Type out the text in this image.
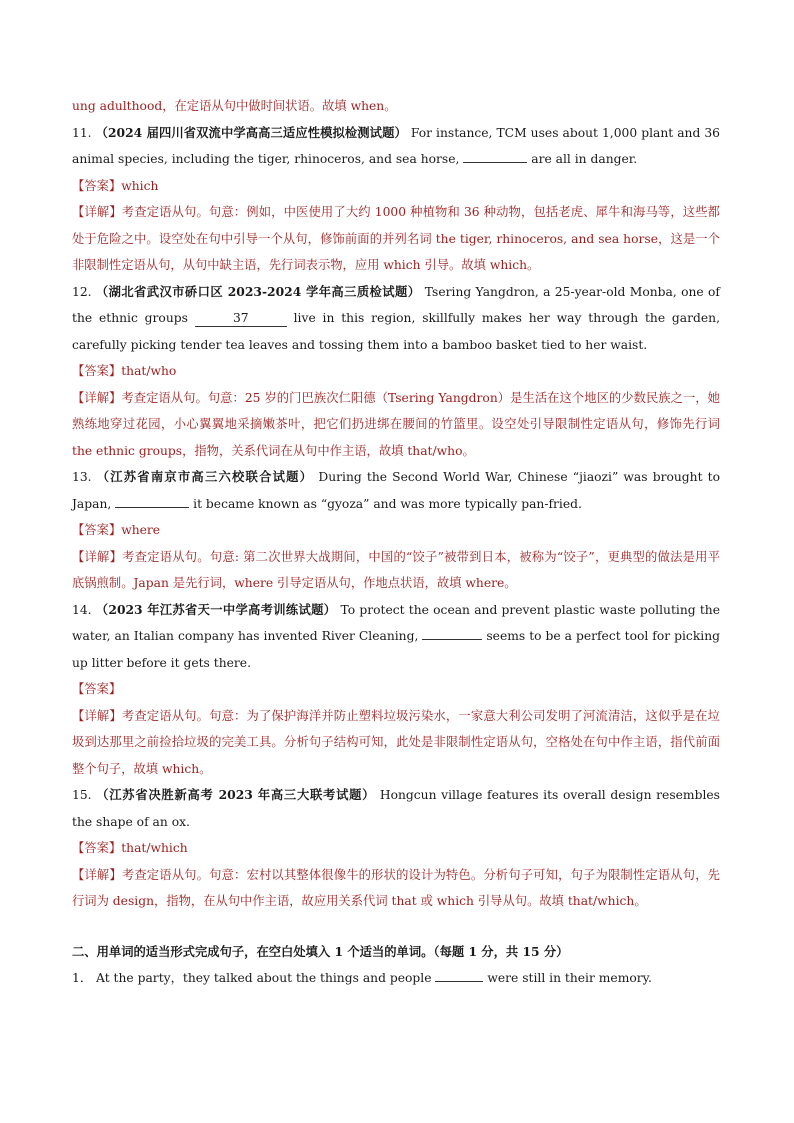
ung adulthood，在定语从句中做时间状语。故填 when。

11. （2024 届四川省双流中学高高三适应性模拟检测试题） For instance, TCM uses about 1,000 plant and 36 animal species, including the tiger, rhinoceros, and sea horse,	are all in danger.

【答案】which

【详解】考查定语从句。句意：例如，中医使用了大约 1000 种植物和 36 种动物，包括老虎、犀牛和海马等，这些都处于危险之中。设空处在句中引导一个从句，修饰前面的并列名词 the tiger, rhinoceros, and sea horse，这是一个非限制性定语从句，从句中缺主语，先行词表示物，应用 which 引导。故填 which。

12. （湖北省武汉市硚口区 2023-2024 学年高三质检试题） Tsering Yangdron, a 25-year-old Monba, one of the ethnic groups	37	live in this region, skillfully makes her way through the garden, carefully picking tender tea leaves and tossing them into a bamboo basket tied to her waist.

【答案】that/who

【详解】考查定语从句。句意：25 岁的门巴族次仁阳德（Tsering Yangdron）是生活在这个地区的少数民族之一，她熟练地穿过花园，小心翼翼地采摘嫩茶叶，把它们扔进绑在腰间的竹篮里。设空处引导限制性定语从句，修饰先行词 the ethnic groups，指物，关系代词在从句中作主语，故填 that/who。

13. （江苏省南京市高三六校联合试题） During the Second World War, Chinese “jiaozi” was brought to Japan,	it became known as “gyoza” and was more typically pan-fried.

【答案】where

【详解】考查定语从句。句意: 第二次世界大战期间，中国的“饺子”被带到日本，被称为“饺子”，更典型的做法是用平底锅煎制。Japan 是先行词，where 引导定语从句，作地点状语，故填 where。

14. （2023 年江苏省天一中学高考训练试题） To protect the ocean and prevent plastic waste polluting the water, an Italian company has invented River Cleaning,	seems to be a perfect tool for picking up litter before it gets there.

【答案】

【详解】考查定语从句。句意：为了保护海洋并防止塑料垃圾污染水，一家意大利公司发明了河流清洁，这似乎是在垃圾到达那里之前捡拾垃圾的完美工具。分析句子结构可知，此处是非限制性定语从句，空格处在句中作主语，指代前面整个句子，故填 which。

15. （江苏省决胜新高考 2023 年高三大联考试题） Hongcun village features its overall design resembles the shape of an ox.

【答案】that/which

【详解】考查定语从句。句意：宏村以其整体很像牛的形状的设计为特色。分析句子可知，句子为限制性定语从句，先行词为 design，指物，在从句中作主语，故应用关系代词 that 或 which 引导从句。故填 that/which。

二、用单词的适当形式完成句子，在空白处填入 1 个适当的单词。（每题 1 分，共 15 分）

1． At the party，they talked about the things and people	were still in their memory.
